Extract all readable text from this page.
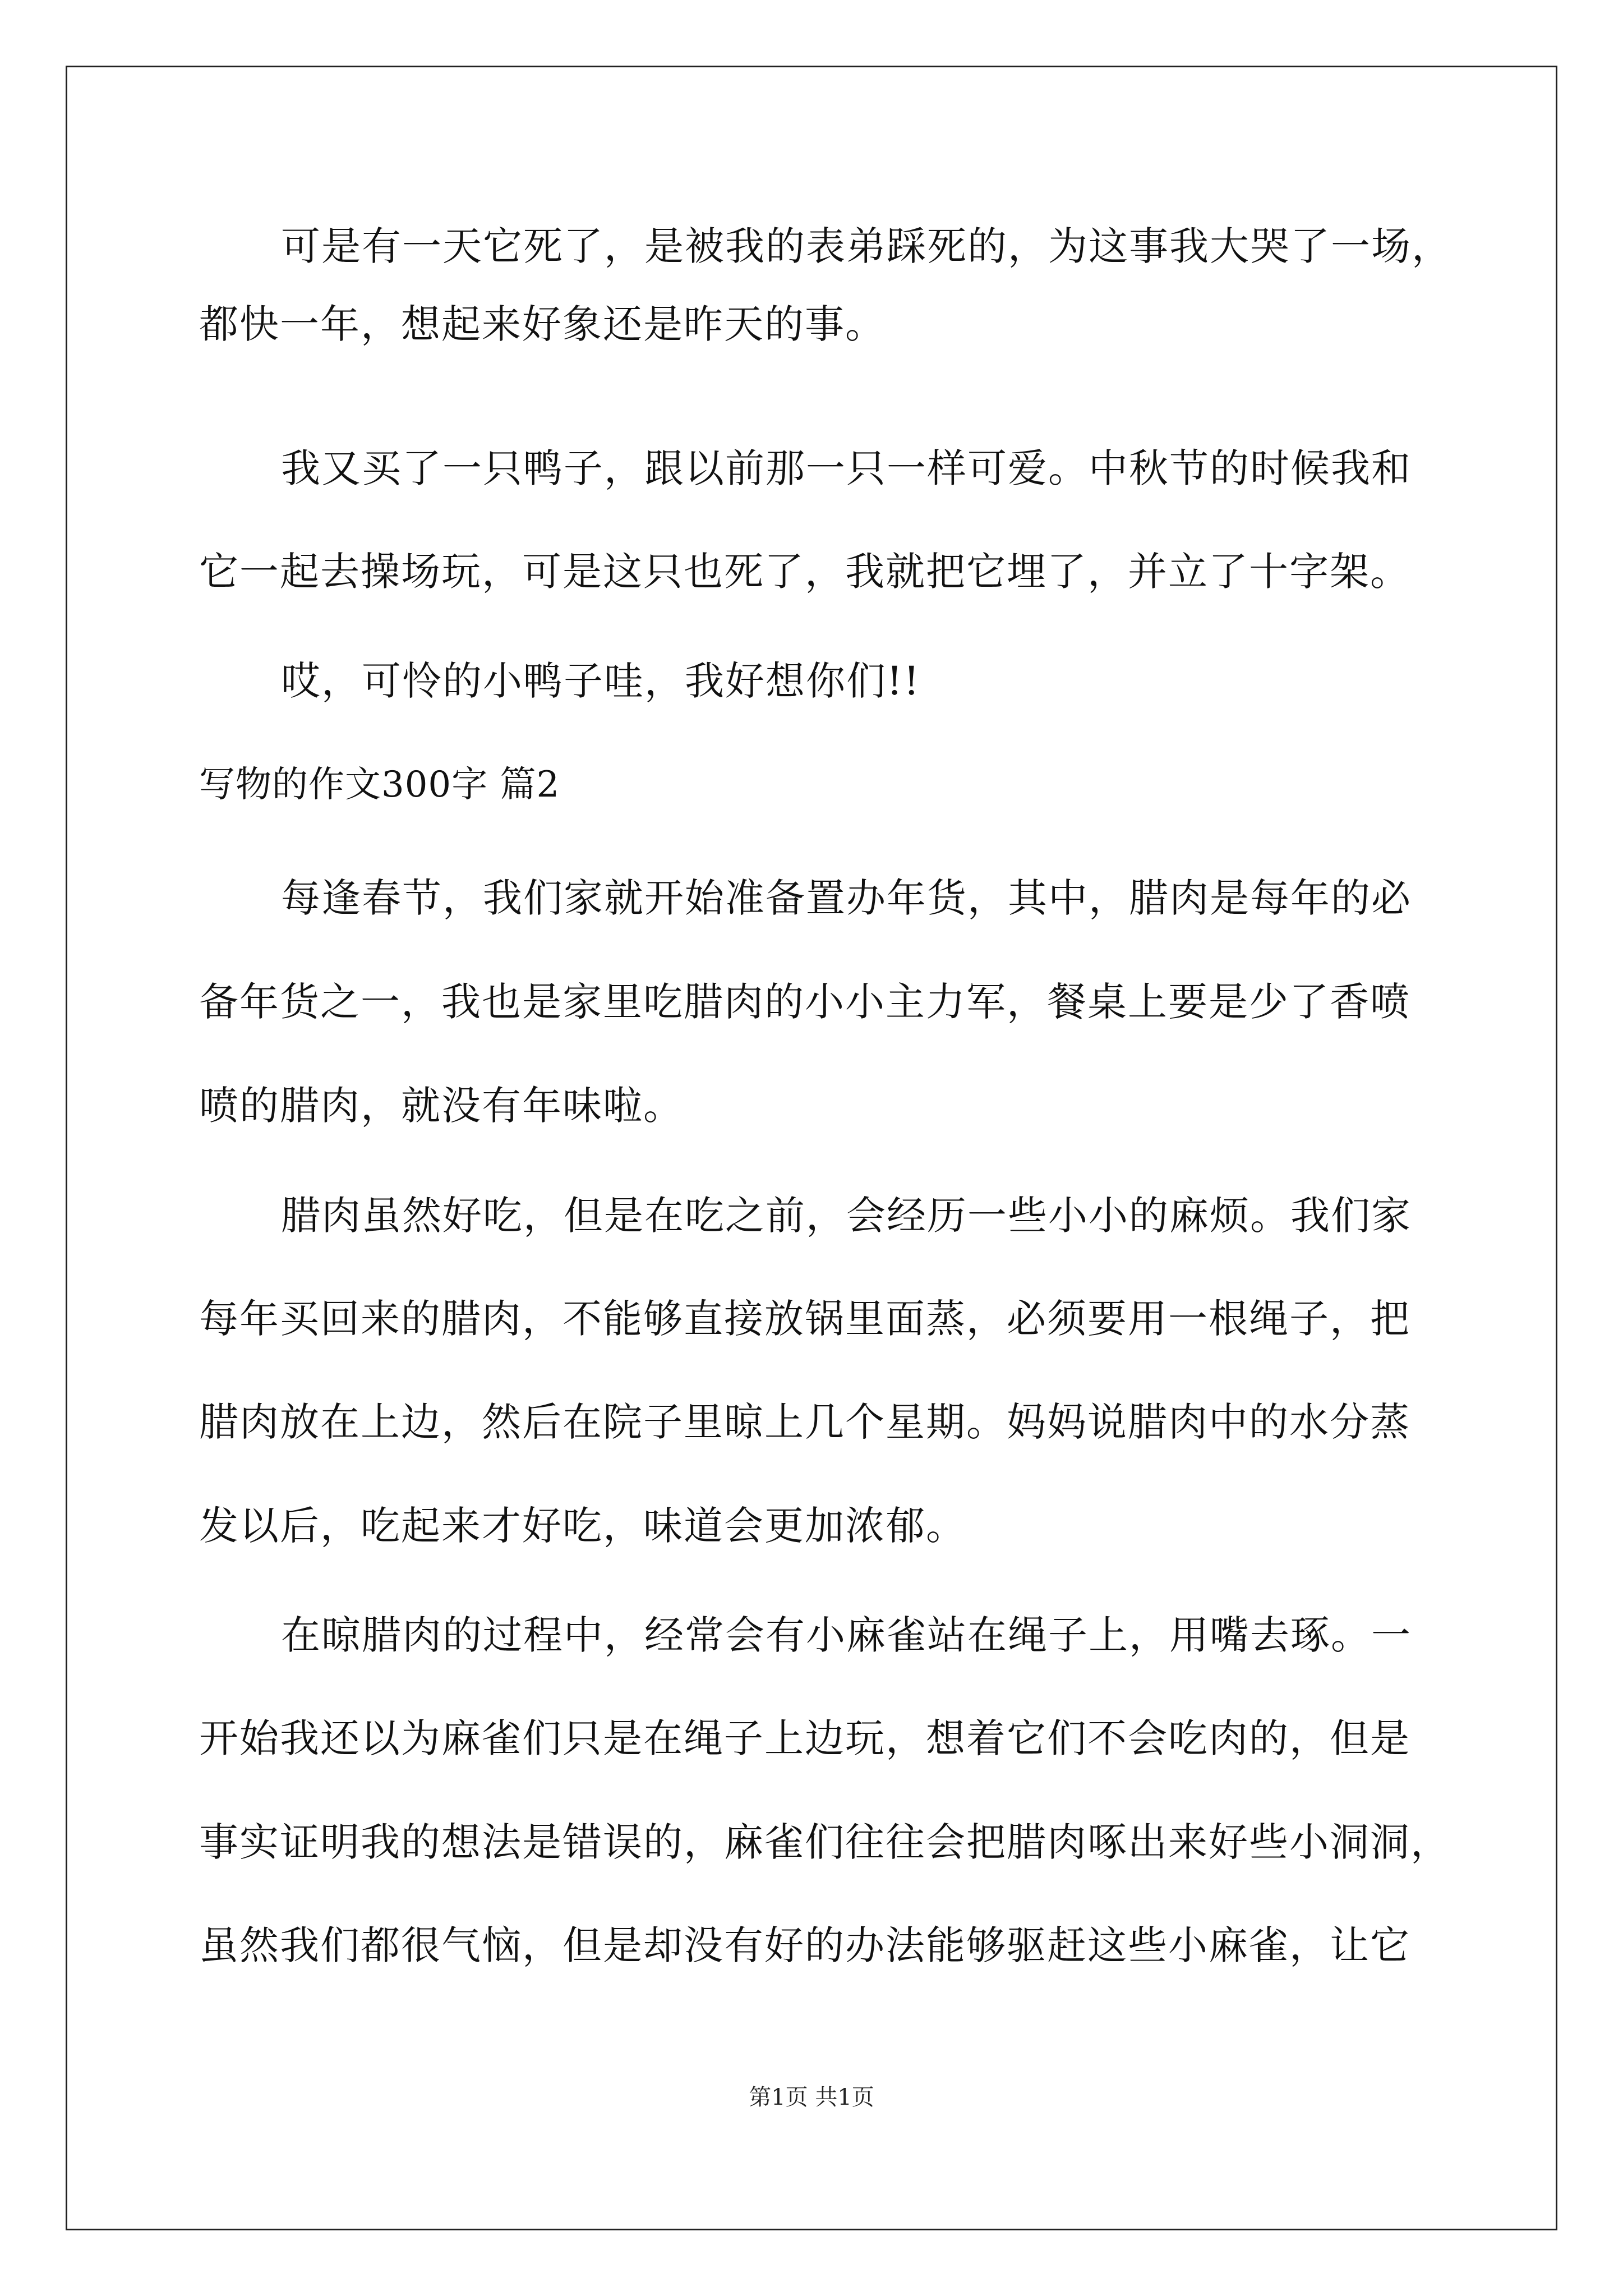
可是有一天它死了，是被我的表弟踩死的，为这事我大哭了一场，
都快一年，想起来好象还是昨天的事。
我又买了一只鸭子，跟以前那一只一样可爱。中秋节的时候我和
它一起去操场玩，可是这只也死了，我就把它埋了，并立了十字架。
哎，可怜的小鸭子哇，我好想你们!!
写物的作文300字 篇2
每逢春节，我们家就开始准备置办年货，其中，腊肉是每年的必
备年货之一，我也是家里吃腊肉的小小主力军，餐桌上要是少了香喷
喷的腊肉，就没有年味啦。
腊肉虽然好吃，但是在吃之前，会经历一些小小的麻烦。我们家
每年买回来的腊肉，不能够直接放锅里面蒸，必须要用一根绳子，把
腊肉放在上边，然后在院子里晾上几个星期。妈妈说腊肉中的水分蒸
发以后，吃起来才好吃，味道会更加浓郁。
在晾腊肉的过程中，经常会有小麻雀站在绳子上，用嘴去琢。一
开始我还以为麻雀们只是在绳子上边玩，想着它们不会吃肉的，但是
事实证明我的想法是错误的，麻雀们往往会把腊肉啄出来好些小洞洞，
虽然我们都很气恼，但是却没有好的办法能够驱赶这些小麻雀，让它
第1页 共1页
